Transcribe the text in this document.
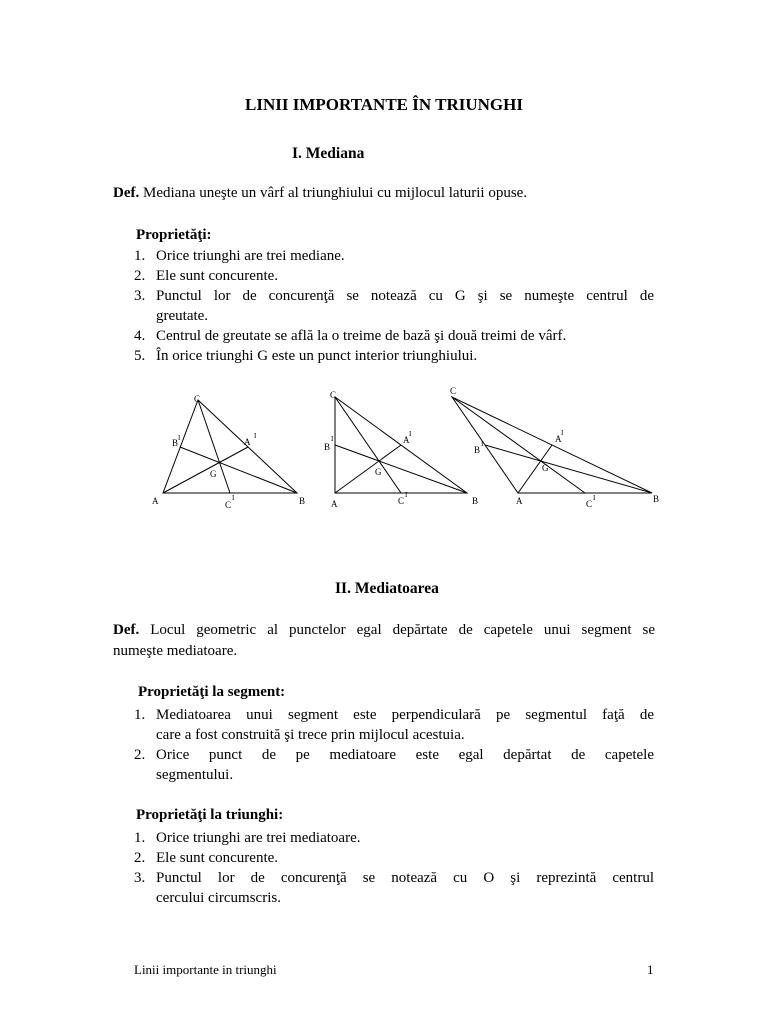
LINII IMPORTANTE ÎN TRIUNGHI
I. Mediana
Def. Mediana uneşte un vârf al triunghiului cu mijlocul laturii opuse.
Proprietăţi:
1. Orice triunghi are trei mediane.
2. Ele sunt concurente.
3. Punctul lor de concurenţă se notează cu G şi se numeşte centrul de
greutate.
4. Centrul de greutate se află la o treime de bază şi două treimi de vârf.
5. În orice triunghi G este un punct interior triunghiului.
A	B
C
A
I
B I
C
I
G
A	B
C
A
I
B
I
C
I
G
A	B
C
A
I
B
I
C
I
G
II. Mediatoarea
Def. Locul geometric al punctelor egal depărtate de capetele unui segment se
numeşte mediatoare.
Proprietăţi la segment:
1. Mediatoarea unui segment este perpendiculară pe segmentul faţă de
care a fost construită şi trece prin mijlocul acestuia.
2. Orice punct de pe mediatoare este egal depărtat de capetele
segmentului.
Proprietăţi la triunghi:
1. Orice triunghi are trei mediatoare.
2. Ele sunt concurente.
3. Punctul lor de concurenţă se notează cu O şi reprezintă centrul
cercului circumscris.
Linii importante in triunghi	1
